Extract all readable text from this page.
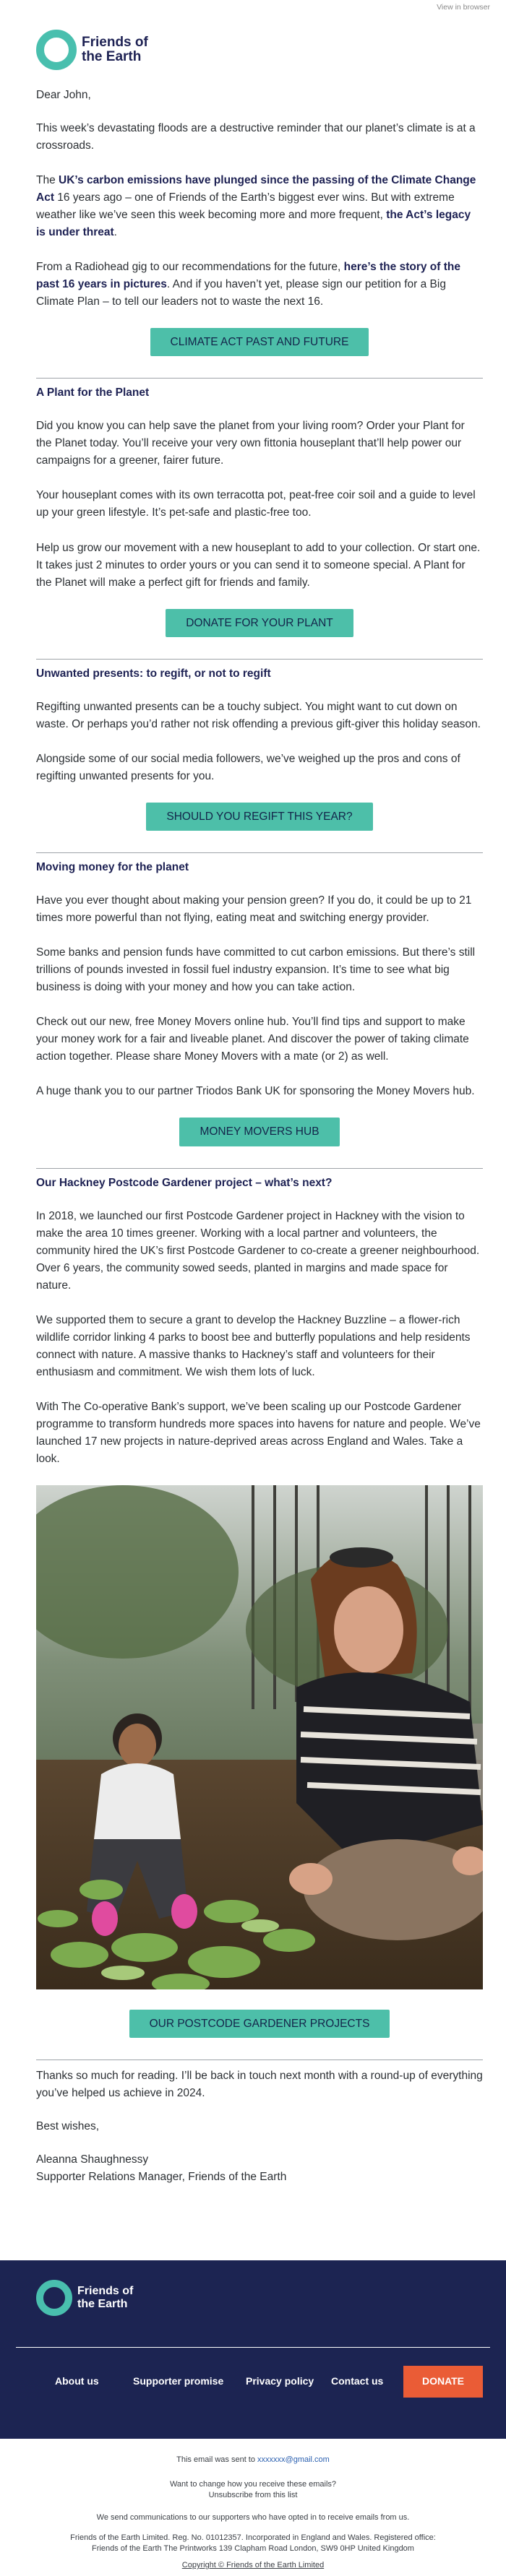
View in browser
Friends of
the Earth

Dear John,

This week’s devastating floods are a destructive reminder that our planet’s climate is at a crossroads.

The UK’s carbon emissions have plunged since the passing of the Climate Change Act 16 years ago – one of Friends of the Earth’s biggest ever wins. But with extreme weather like we’ve seen this week becoming more and more frequent, the Act’s legacy is under threat.

From a Radiohead gig to our recommendations for the future, here’s the story of the past 16 years in pictures. And if you haven’t yet, please sign our petition for a Big Climate Plan – to tell our leaders not to waste the next 16.

CLIMATE ACT PAST AND FUTURE
A Plant for the Planet

Did you know you can help save the planet from your living room? Order your Plant for the Planet today. You’ll receive your very own fittonia houseplant that’ll help power our campaigns for a greener, fairer future.

Your houseplant comes with its own terracotta pot, peat-free coir soil and a guide to level up your green lifestyle. It’s pet-safe and plastic-free too.

Help us grow our movement with a new houseplant to add to your collection. Or start one. It takes just 2 minutes to order yours or you can send it to someone special. A Plant for the Planet will make a perfect gift for friends and family.

DONATE FOR YOUR PLANT
Unwanted presents: to regift, or not to regift

Regifting unwanted presents can be a touchy subject. You might want to cut down on waste. Or perhaps you’d rather not risk offending a previous gift-giver this holiday season.

Alongside some of our social media followers, we’ve weighed up the pros and cons of regifting unwanted presents for you.

SHOULD YOU REGIFT THIS YEAR?
Moving money for the planet

Have you ever thought about making your pension green? If you do, it could be up to 21 times more powerful than not flying, eating meat and switching energy provider.

Some banks and pension funds have committed to cut carbon emissions. But there’s still trillions of pounds invested in fossil fuel industry expansion. It’s time to see what big business is doing with your money and how you can take action.

Check out our new, free Money Movers online hub. You’ll find tips and support to make your money work for a fair and liveable planet. And discover the power of taking climate action together. Please share Money Movers with a mate (or 2) as well.

A huge thank you to our partner Triodos Bank UK for sponsoring the Money Movers hub.

MONEY MOVERS HUB
Our Hackney Postcode Gardener project – what’s next?

In 2018, we launched our first Postcode Gardener project in Hackney with the vision to make the area 10 times greener. Working with a local partner and volunteers, the community hired the UK’s first Postcode Gardener to co-create a greener neighbourhood. Over 6 years, the community sowed seeds, planted in margins and made space for nature.

We supported them to secure a grant to develop the Hackney Buzzline – a flower-rich wildlife corridor linking 4 parks to boost bee and butterfly populations and help residents connect with nature. A massive thanks to Hackney’s staff and volunteers for their enthusiasm and commitment. We wish them lots of luck.

With The Co-operative Bank’s support, we’ve been scaling up our Postcode Gardener programme to transform hundreds more spaces into havens for nature and people. We’ve launched 17 new projects in nature-deprived areas across England and Wales. Take a look.

OUR POSTCODE GARDENER PROJECTS

Thanks so much for reading. I’ll be back in touch next month with a round-up of everything you’ve helped us achieve in 2024.

Best wishes,

Aleanna Shaughnessy
Supporter Relations Manager, Friends of the Earth
Friends of
the Earth
About us	Supporter promise Privacy policy Contact us	DONATE
This email was sent to xxxxxxx@gmail.com
Want to change how you receive these emails?
Unsubscribe from this list
We send communications to our supporters who have opted in to receive emails from us.
Friends of the Earth Limited. Reg. No. 01012357. Incorporated in England and Wales. Registered office:
Friends of the Earth The Printworks 139 Clapham Road London, SW9 0HP United Kingdom
Copyright © Friends of the Earth Limited
